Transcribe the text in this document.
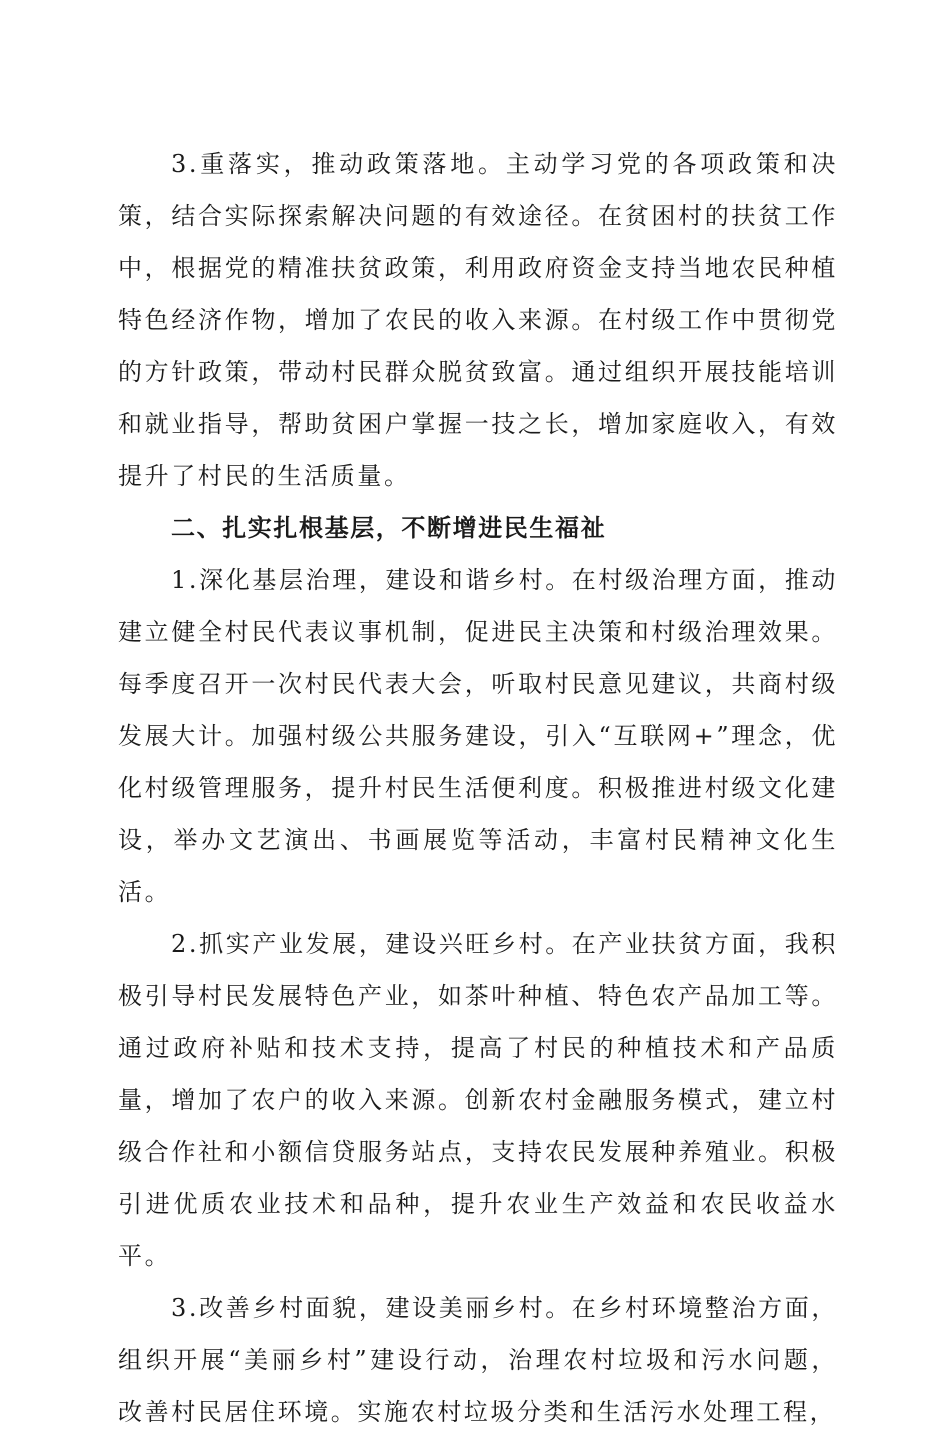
3.重落实，推动政策落地。主动学习党的各项政策和决策，结合实际探索解决问题的有效途径。在贫困村的扶贫工作中，根据党的精准扶贫政策，利用政府资金支持当地农民种植特色经济作物，增加了农民的收入来源。在村级工作中贯彻党的方针政策，带动村民群众脱贫致富。通过组织开展技能培训和就业指导，帮助贫困户掌握一技之长，增加家庭收入，有效提升了村民的生活质量。

二、扎实扎根基层，不断增进民生福祉

1.深化基层治理，建设和谐乡村。在村级治理方面，推动建立健全村民代表议事机制，促进民主决策和村级治理效果。每季度召开一次村民代表大会，听取村民意见建议，共商村级发展大计。加强村级公共服务建设，引入“互联网+”理念，优化村级管理服务，提升村民生活便利度。积极推进村级文化建设，举办文艺演出、书画展览等活动，丰富村民精神文化生活。

2.抓实产业发展，建设兴旺乡村。在产业扶贫方面，我积极引导村民发展特色产业，如茶叶种植、特色农产品加工等。通过政府补贴和技术支持，提高了村民的种植技术和产品质量，增加了农户的收入来源。创新农村金融服务模式，建立村级合作社和小额信贷服务站点，支持农民发展种养殖业。积极引进优质农业技术和品种，提升农业生产效益和农民收益水平。

3.改善乡村面貌，建设美丽乡村。在乡村环境整治方面，组织开展“美丽乡村”建设行动，治理农村垃圾和污水问题，改善村民居住环境。实施农村垃圾分类和生活污水处理工程，
